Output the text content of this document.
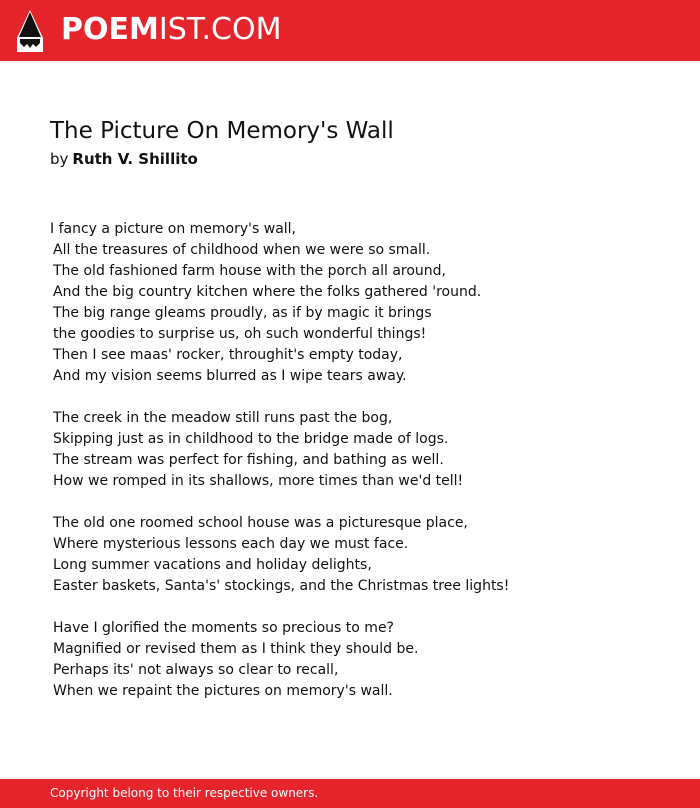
POEMIST.COM
The Picture On Memory's Wall
by Ruth V. Shillito
I fancy a picture on memory's wall,
All the treasures of childhood when we were so small.
The old fashioned farm house with the porch all around,
And the big country kitchen where the folks gathered 'round.
The big range gleams proudly, as if by magic it brings
the goodies to surprise us, oh such wonderful things!
Then I see maas' rocker, throughit's empty today,
And my vision seems blurred as I wipe tears away.
The creek in the meadow still runs past the bog,
Skipping just as in childhood to the bridge made of logs.
The stream was perfect for fishing, and bathing as well.
How we romped in its shallows, more times than we'd tell!
The old one roomed school house was a picturesque place,
Where mysterious lessons each day we must face.
Long summer vacations and holiday delights,
Easter baskets, Santa's' stockings, and the Christmas tree lights!
Have I glorified the moments so precious to me?
Magnified or revised them as I think they should be.
Perhaps its' not always so clear to recall,
When we repaint the pictures on memory's wall.
Copyright belong to their respective owners.
